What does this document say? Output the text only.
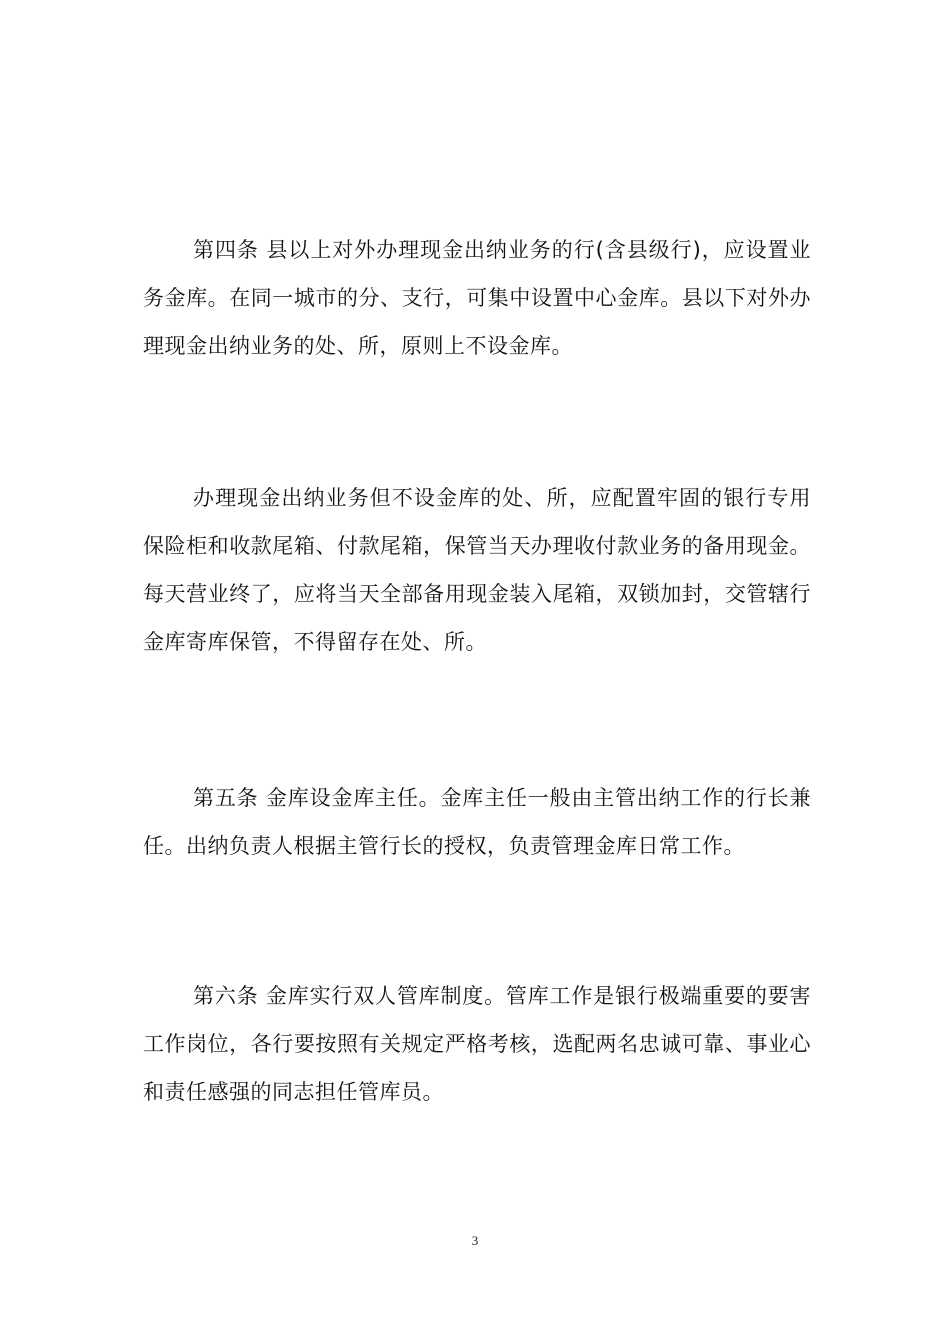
第四条 县以上对外办理现金出纳业务的行(含县级行)，应设置业务金库。在同一城市的分、支行，可集中设置中心金库。县以下对外办理现金出纳业务的处、所，原则上不设金库。

办理现金出纳业务但不设金库的处、所，应配置牢固的银行专用保险柜和收款尾箱、付款尾箱，保管当天办理收付款业务的备用现金。每天营业终了，应将当天全部备用现金装入尾箱，双锁加封，交管辖行金库寄库保管，不得留存在处、所。

第五条 金库设金库主任。金库主任一般由主管出纳工作的行长兼任。出纳负责人根据主管行长的授权，负责管理金库日常工作。

第六条 金库实行双人管库制度。管库工作是银行极端重要的要害工作岗位，各行要按照有关规定严格考核，选配两名忠诚可靠、事业心和责任感强的同志担任管库员。

3
